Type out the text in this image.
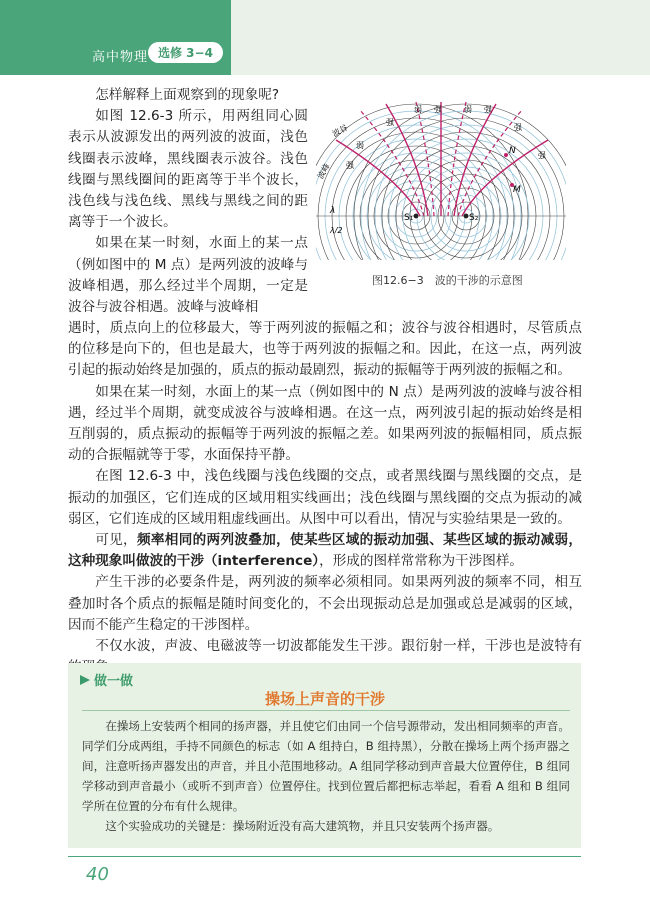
高中物理 选修 3−4

怎样解释上面观察到的现象呢?

如图 12.6-3 所示，用两组同心圆表示从波源发出的两列波的波面，浅色线圈表示波峰，黑线圈表示波谷。浅色线圈与黑线圈间的距离等于半个波长，浅色线与浅色线、黑线与黑线之间的距离等于一个波长。

如果在某一时刻，水面上的某一点（例如图中的 M 点）是两列波的波峰与波峰相遇，那么经过半个周期，一定是波谷与波谷相遇。波峰与波峰相

S₁	S₂
M
N
弱 强	弱 强
强
弱
强
强
强
波峰
波谷
λ
λ/2
图12.6−3　波的干涉的示意图

遇时，质点向上的位移最大，等于两列波的振幅之和；波谷与波谷相遇时，尽管质点的位移是向下的，但也是最大，也等于两列波的振幅之和。因此，在这一点，两列波引起的振动始终是加强的，质点的振动最剧烈，振动的振幅等于两列波的振幅之和。

如果在某一时刻，水面上的某一点（例如图中的 N 点）是两列波的波峰与波谷相遇，经过半个周期，就变成波谷与波峰相遇。在这一点，两列波引起的振动始终是相互削弱的，质点振动的振幅等于两列波的振幅之差。如果两列波的振幅相同，质点振动的合振幅就等于零，水面保持平静。

在图 12.6-3 中，浅色线圈与浅色线圈的交点，或者黑线圈与黑线圈的交点，是振动的加强区，它们连成的区域用粗实线画出；浅色线圈与黑线圈的交点为振动的减弱区，它们连成的区域用粗虚线画出。从图中可以看出，情况与实验结果是一致的。

可见，频率相同的两列波叠加，使某些区域的振动加强、某些区域的振动减弱，这种现象叫做波的干涉（interference），形成的图样常常称为干涉图样。

产生干涉的必要条件是，两列波的频率必须相同。如果两列波的频率不同，相互叠加时各个质点的振幅是随时间变化的，不会出现振动总是加强或总是减弱的区域，因而不能产生稳定的干涉图样。

不仅水波，声波、电磁波等一切波都能发生干涉。跟衍射一样，干涉也是波特有

做一做
操场上声音的干涉

在操场上安装两个相同的扬声器，并且使它们由同一个信号源带动，发出相同频率的声音。同学们分成两组，手持不同颜色的标志（如 A 组持白，B 组持黑），分散在操场上两个扬声器之间，注意听扬声器发出的声音，并且小范围地移动。A 组同学移动到声音最大位置停住，B 组同学移动到声音最小（或听不到声音）位置停住。找到位置后都把标志举起，看看 A 组和 B 组同学所在位置的分布有什么规律。

这个实验成功的关键是：操场附近没有高大建筑物，并且只安装两个扬声器。

40
